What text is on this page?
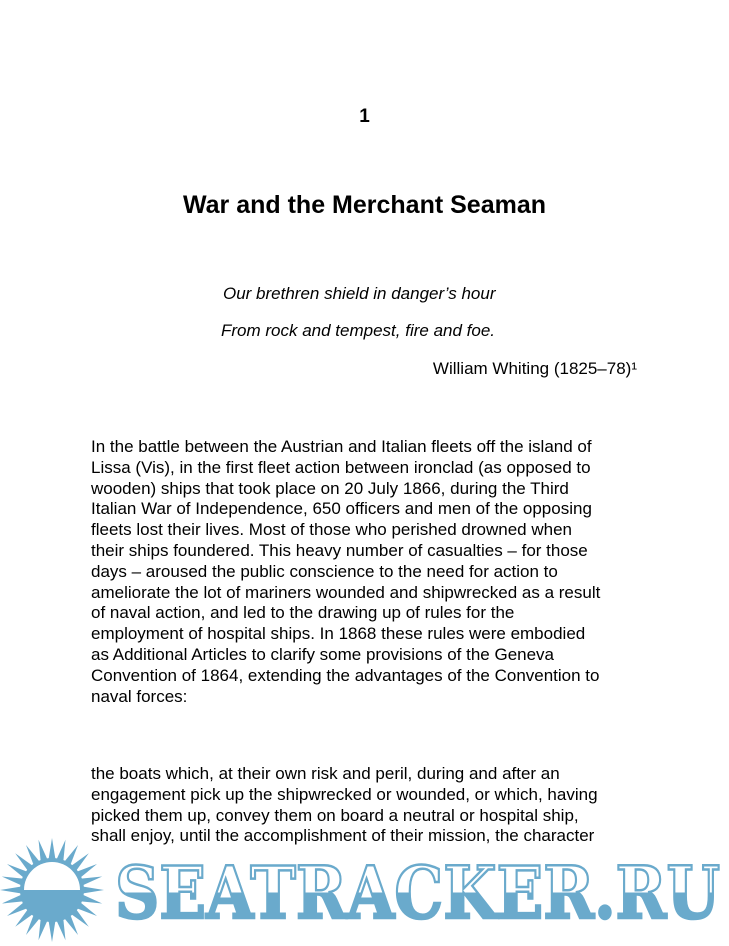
1
War and the Merchant Seaman
Our brethren shield in danger’s hour
From rock and tempest, fire and foe.
William Whiting (1825–78)¹
In the battle between the Austrian and Italian fleets off the island of
Lissa (Vis), in the first fleet action between ironclad (as opposed to
wooden) ships that took place on 20 July 1866, during the Third
Italian War of Independence, 650 officers and men of the opposing
fleets lost their lives. Most of those who perished drowned when
their ships foundered. This heavy number of casualties – for those
days – aroused the public conscience to the need for action to
ameliorate the lot of mariners wounded and shipwrecked as a result
of naval action, and led to the drawing up of rules for the
employment of hospital ships. In 1868 these rules were embodied
as Additional Articles to clarify some provisions of the Geneva
Convention of 1864, extending the advantages of the Convention to
naval forces:
the boats which, at their own risk and peril, during and after an
engagement pick up the shipwrecked or wounded, or which, having
picked them up, convey them on board a neutral or hospital ship,
shall enjoy, until the accomplishment of their mission, the character
SEATRACKER.RU
